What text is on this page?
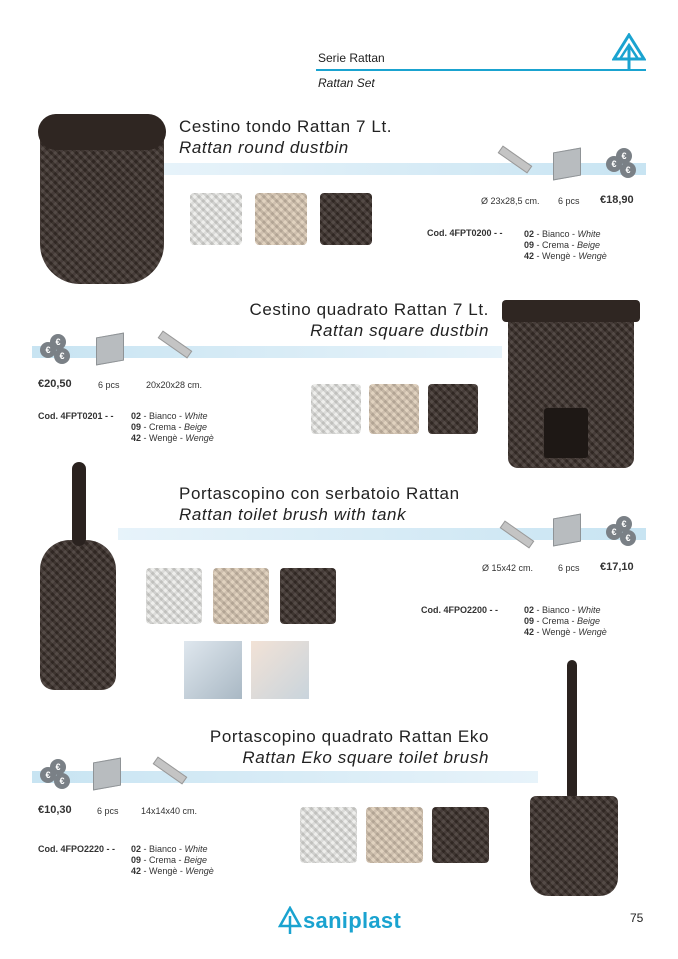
Serie Rattan
Rattan Set
Cestino tondo Rattan 7 Lt.
Rattan round dustbin
€
€
€
Ø 23x28,5 cm. 6 pcs €18,90
Cod. 4FPT0200 - - 02 - Bianco - White
09 - Crema - Beige
42 - Wengè - Wengè
Cestino quadrato Rattan 7 Lt.
Rattan square dustbin
€
€
€
€20,50	6 pcs	20x20x28 cm.
Cod. 4FPT0201 - - 02 - Bianco - White
09 - Crema - Beige
42 - Wengè - Wengè
Portascopino con serbatoio Rattan
Rattan toilet brush with tank
€
€
€
Ø 15x42 cm.	6 pcs €17,10
Cod. 4FPO2200 - -	02 - Bianco - White
09 - Crema - Beige
42 - Wengè - Wengè
Portascopino quadrato Rattan Eko
Rattan Eko square toilet brush
€
€
€
€10,30	6 pcs 14x14x40 cm.
Cod. 4FPO2220 - - 02 - Bianco - White
09 - Crema - Beige
42 - Wengè - Wengè
saniplast	75
